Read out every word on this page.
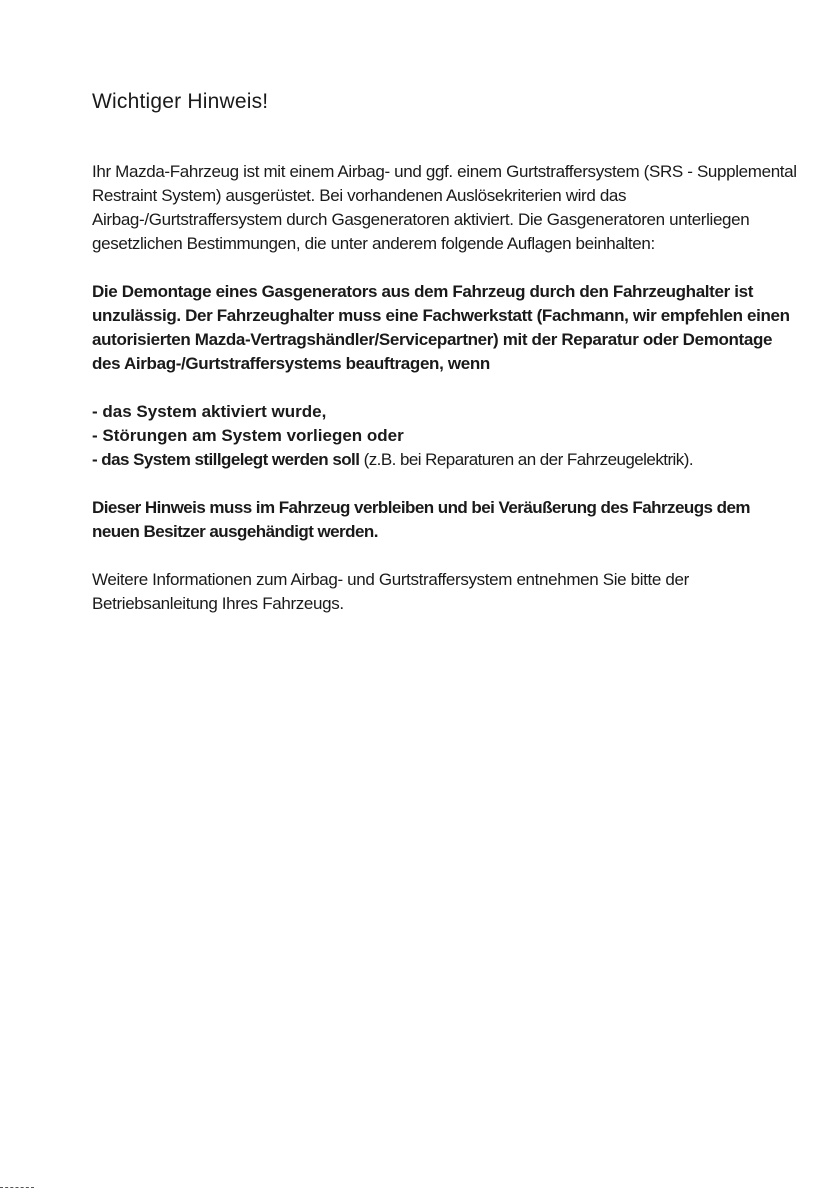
Wichtiger Hinweis!

Ihr Mazda-Fahrzeug ist mit einem Airbag- und ggf. einem Gurtstraffersystem (SRS - Supplemental Restraint System) ausgerüstet. Bei vorhandenen Auslösekriterien wird das Airbag-/Gurtstraffersystem durch Gasgeneratoren aktiviert. Die Gasgeneratoren unterliegen gesetzlichen Bestimmungen, die unter anderem folgende Auflagen beinhalten:

Die Demontage eines Gasgenerators aus dem Fahrzeug durch den Fahrzeughalter ist unzulässig. Der Fahrzeughalter muss eine Fachwerkstatt (Fachmann, wir empfehlen einen autorisierten Mazda-Vertragshändler/Servicepartner) mit der Reparatur oder Demontage des Airbag-/Gurtstraffersystems beauftragen, wenn

- das System aktiviert wurde,
- Störungen am System vorliegen oder
- das System stillgelegt werden soll (z.B. bei Reparaturen an der Fahrzeugelektrik).

Dieser Hinweis muss im Fahrzeug verbleiben und bei Veräußerung des Fahrzeugs dem neuen Besitzer ausgehändigt werden.

Weitere Informationen zum Airbag- und Gurtstraffersystem entnehmen Sie bitte der Betriebsanleitung Ihres Fahrzeugs.
